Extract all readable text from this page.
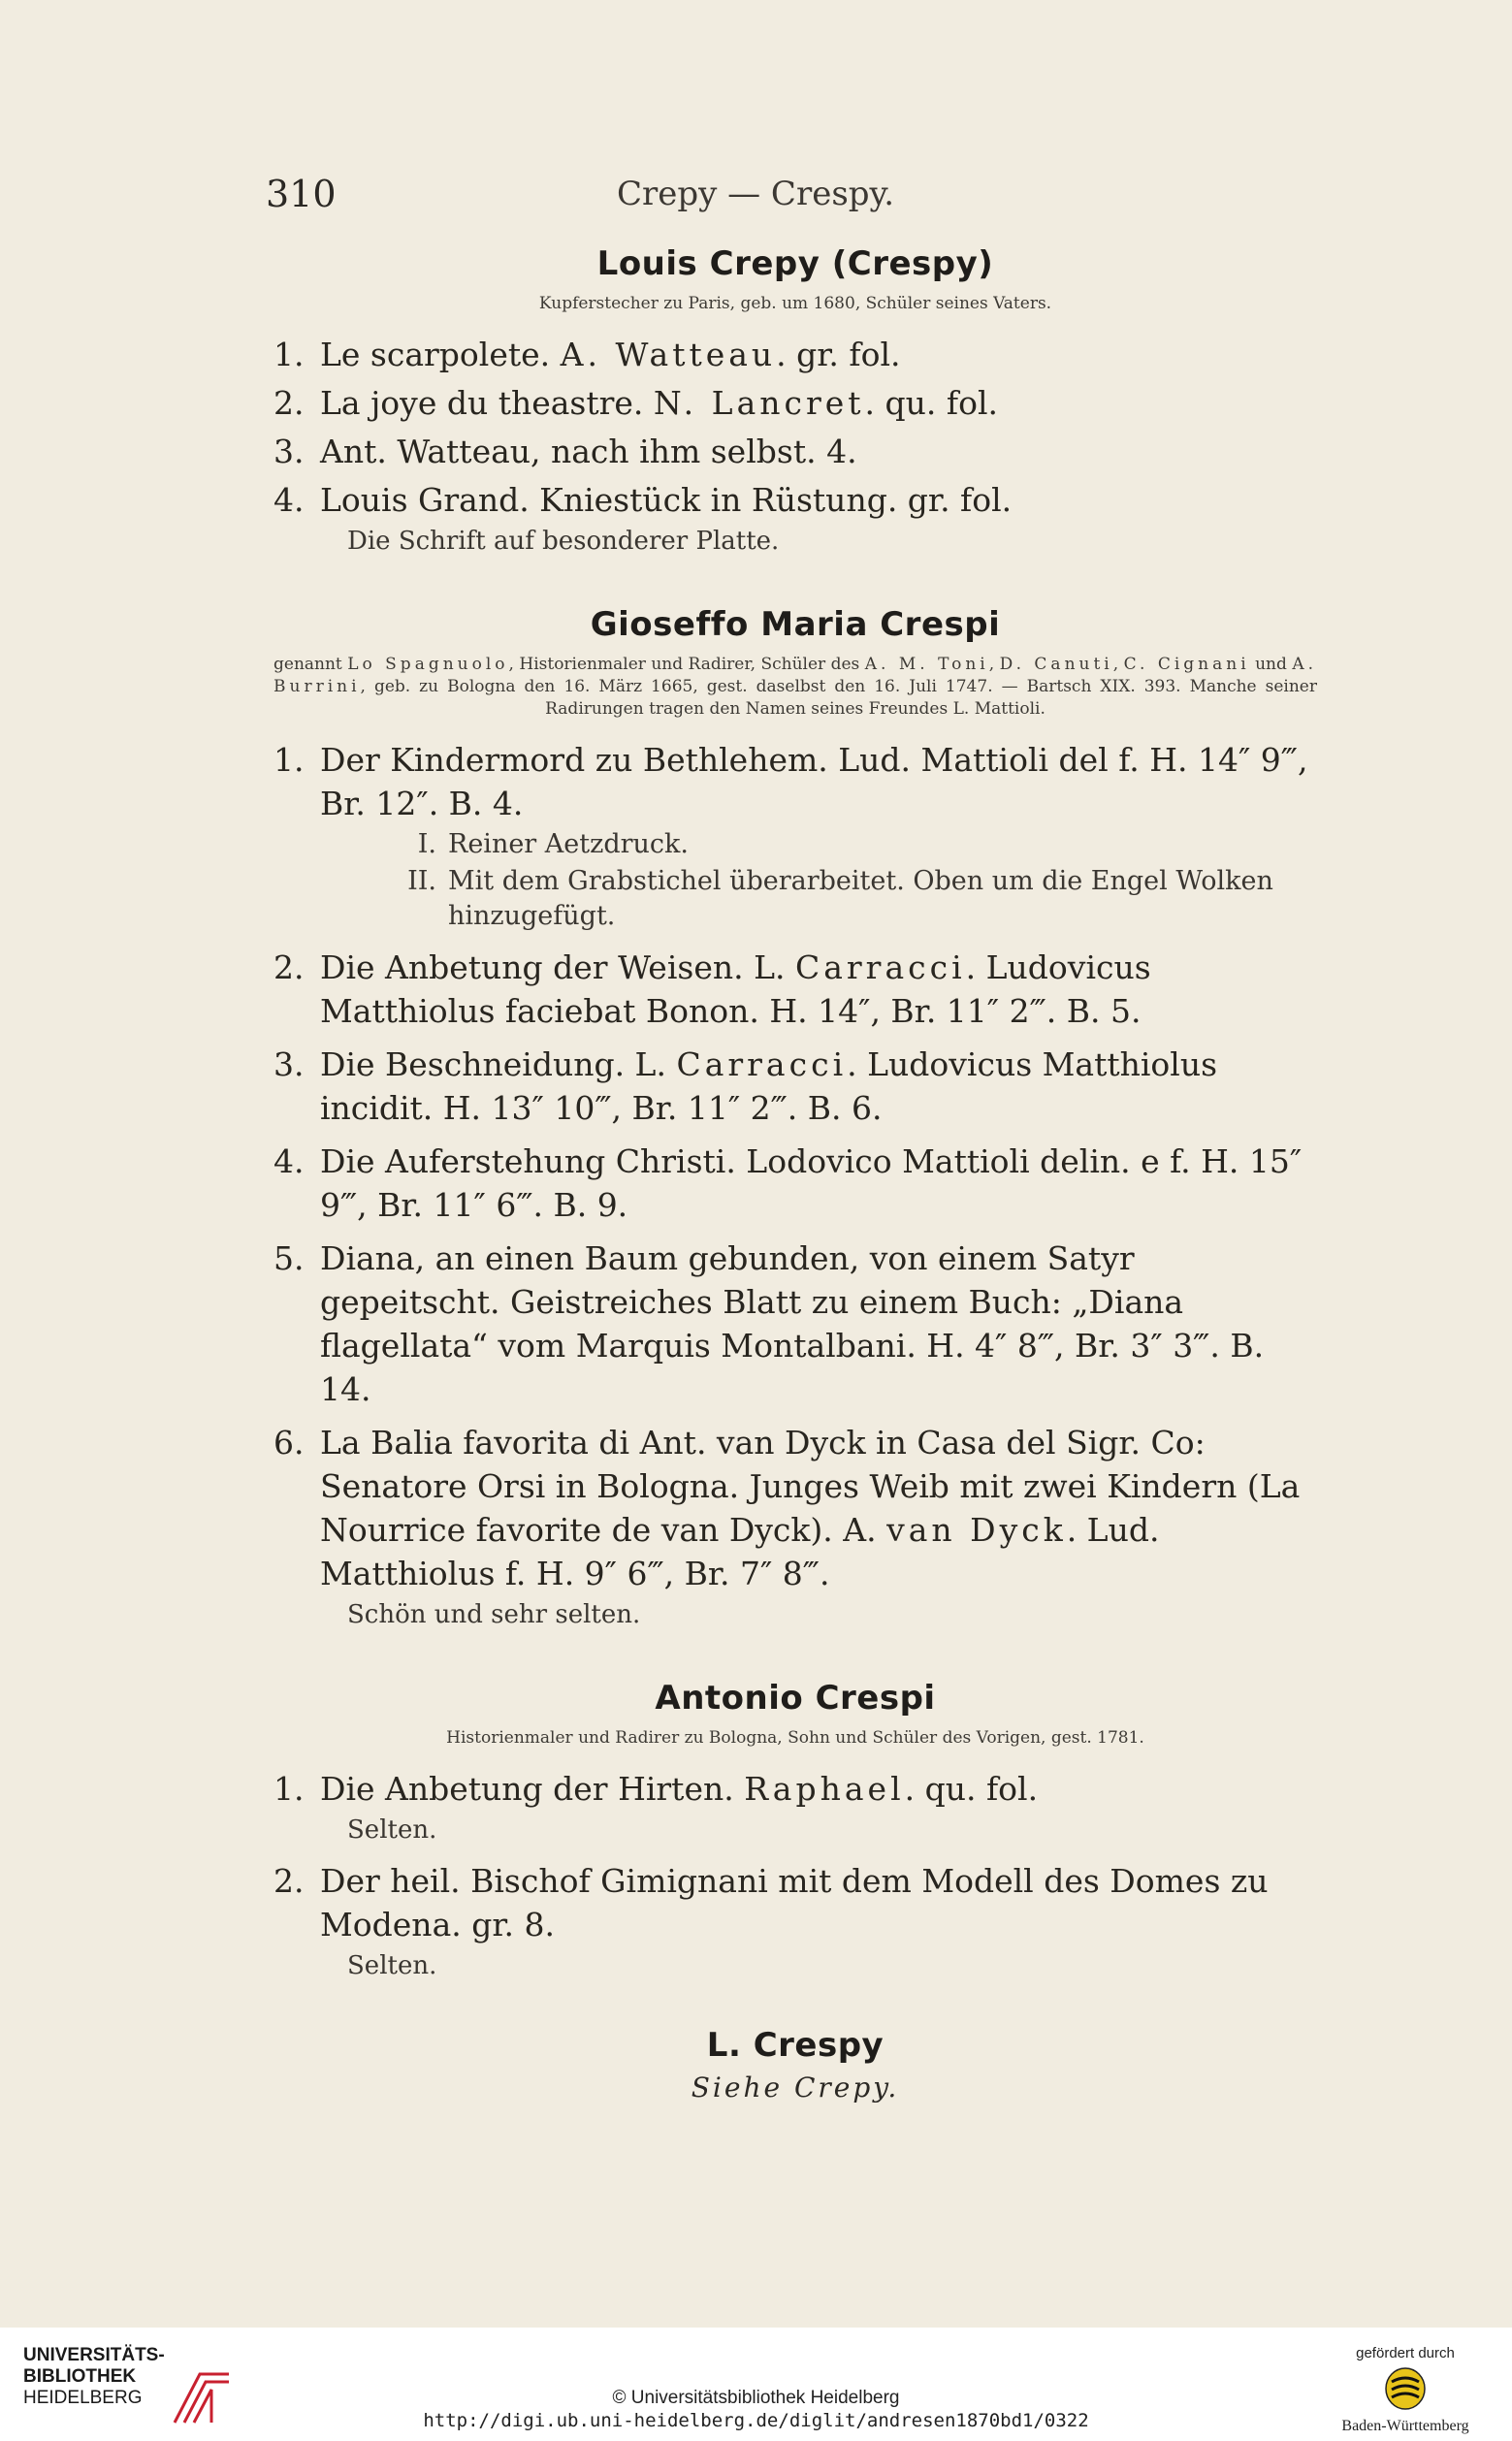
310	Crepy — Crespy.
Louis Crepy (Crespy)
Kupferstecher zu Paris, geb. um 1680, Schüler seines Vaters.
1. Le scarpolete. A. Watteau. gr. fol.
2. La joye du theastre. N. Lancret. qu. fol.
3. Ant. Watteau, nach ihm selbst. 4.
4. Louis Grand. Kniestück in Rüstung. gr. fol.
Die Schrift auf besonderer Platte.
Gioseffo Maria Crespi
genannt Lo Spagnuolo, Historienmaler und Radirer, Schüler des A. M. Toni, D. Canuti, C. Cignani und A. Burrini, geb. zu Bologna den 16. März 1665, gest. daselbst den 16. Juli 1747. — Bartsch XIX. 393. Manche seiner Radirungen tragen den Namen seines Freundes L. Mattioli.
1. Der Kindermord zu Bethlehem. Lud. Mattioli del f. H. 14″ 9‴, Br. 12″. B. 4.
I. Reiner Aetzdruck.
II. Mit dem Grabstichel überarbeitet. Oben um die Engel Wolken hinzugefügt.
2. Die Anbetung der Weisen. L. Carracci. Ludovicus Matthiolus faciebat Bonon. H. 14″, Br. 11″ 2‴. B. 5.
3. Die Beschneidung. L. Carracci. Ludovicus Matthiolus incidit. H. 13″ 10‴, Br. 11″ 2‴. B. 6.
4. Die Auferstehung Christi. Lodovico Mattioli delin. e f. H. 15″ 9‴, Br. 11″ 6‴. B. 9.
5. Diana, an einen Baum gebunden, von einem Satyr gepeitscht. Geistreiches Blatt zu einem Buch: „Diana flagellata“ vom Marquis Montalbani. H. 4″ 8‴, Br. 3″ 3‴. B. 14.
6. La Balia favorita di Ant. van Dyck in Casa del Sigr. Co: Senatore Orsi in Bologna. Junges Weib mit zwei Kindern (La Nourrice favorite de van Dyck). A. van Dyck. Lud. Matthiolus f. H. 9″ 6‴, Br. 7″ 8‴.
Schön und sehr selten.
Antonio Crespi
Historienmaler und Radirer zu Bologna, Sohn und Schüler des Vorigen, gest. 1781.
1. Die Anbetung der Hirten. Raphael. qu. fol.
Selten.
2. Der heil. Bischof Gimignani mit dem Modell des Domes zu Modena. gr. 8.
Selten.
L. Crespy

Siehe Crepy.

UNIVERSITÄTS-
BIBLIOTHEK
HEIDELBERG	© Universitätsbibliothek Heidelberg
http://digi.ub.uni-heidelberg.de/diglit/andresen1870bd1/0322
gefördert durch
Baden-Württemberg
